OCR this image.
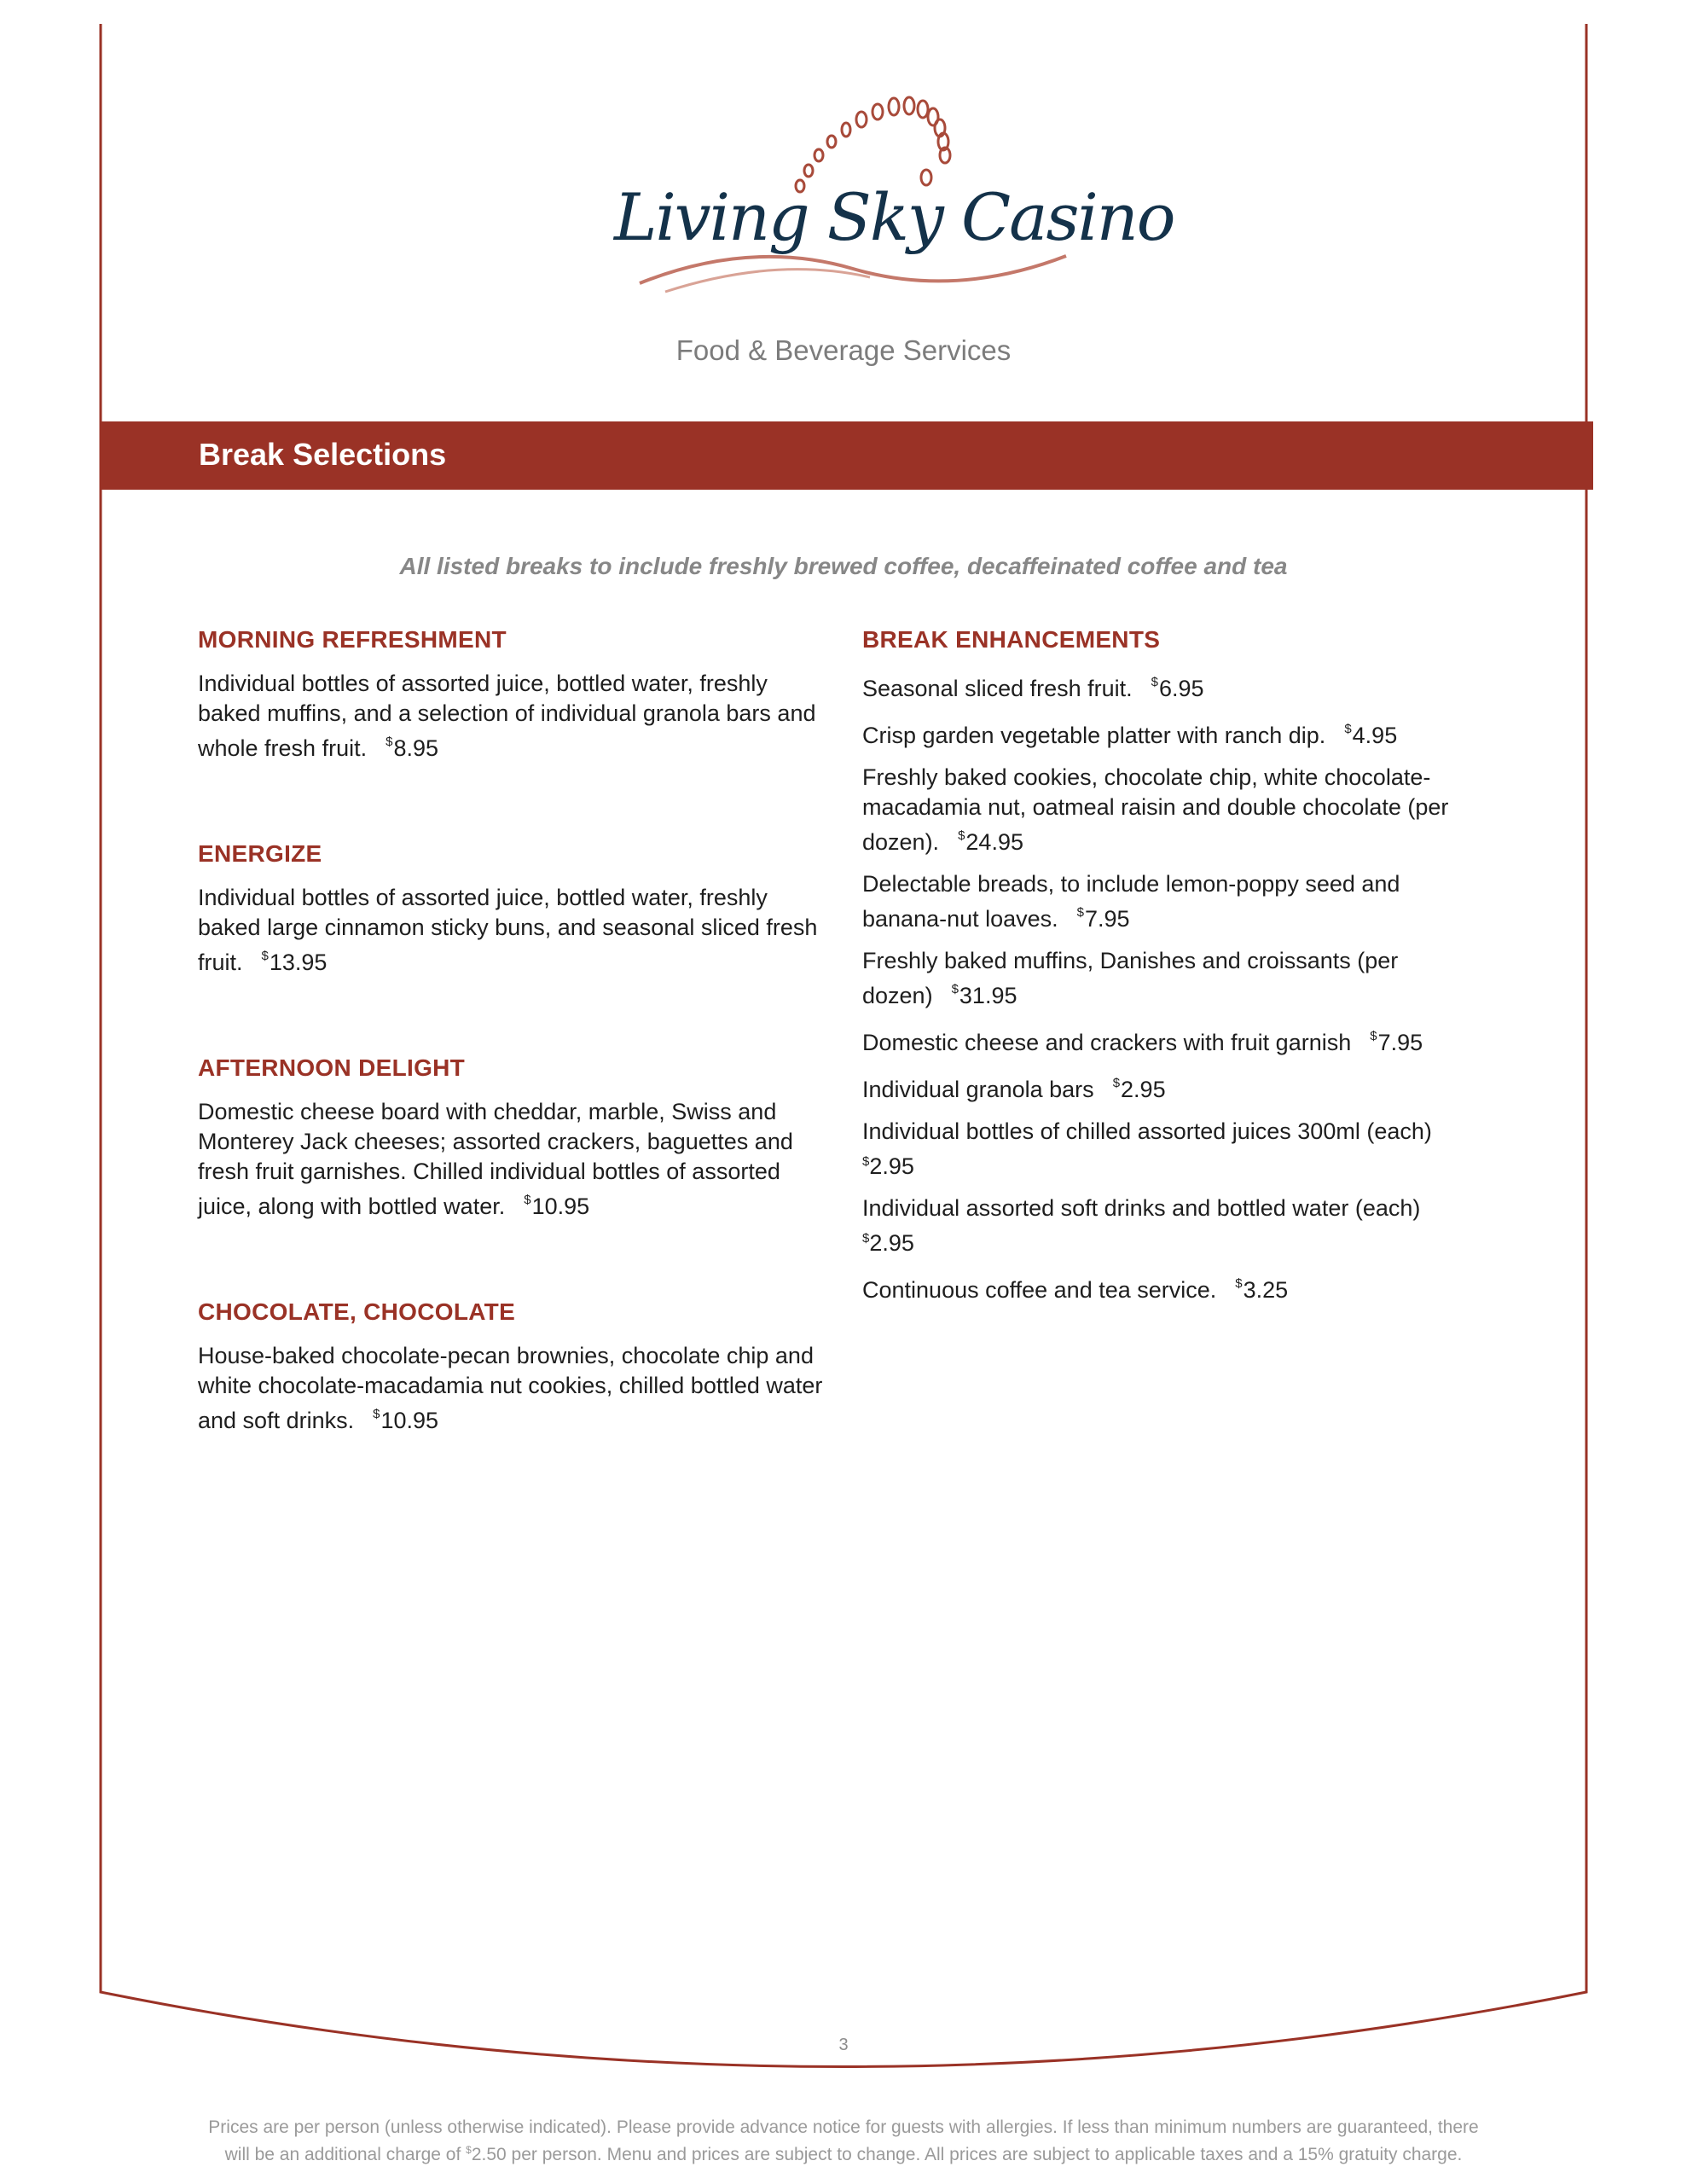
Living Sky Casino
Food & Beverage Services
Break Selections
All listed breaks to include freshly brewed coffee, decaffeinated coffee and tea
MORNING REFRESHMENT

Individual bottles of assorted juice, bottled water, freshly baked muffins, and a selection of individual granola bars and whole fresh fruit. $8.95

ENERGIZE

Individual bottles of assorted juice, bottled water, freshly baked large cinnamon sticky buns, and seasonal sliced fresh fruit. $13.95

AFTERNOON DELIGHT

Domestic cheese board with cheddar, marble, Swiss and Monterey Jack cheeses; assorted crackers, baguettes and fresh fruit garnishes. Chilled individual bottles of assorted juice, along with bottled water. $10.95

CHOCOLATE, CHOCOLATE

House-baked chocolate-pecan brownies, chocolate chip and white chocolate-macadamia nut cookies, chilled bottled water and soft drinks. $10.95

BREAK ENHANCEMENTS

Seasonal sliced fresh fruit. $6.95

Crisp garden vegetable platter with ranch dip. $4.95

Freshly baked cookies, chocolate chip, white chocolate-macadamia nut, oatmeal raisin and double chocolate (per dozen). $24.95

Delectable breads, to include lemon-poppy seed and banana-nut loaves. $7.95

Freshly baked muffins, Danishes and croissants (per dozen) $31.95

Domestic cheese and crackers with fruit garnish $7.95

Individual granola bars $2.95

Individual bottles of chilled assorted juices 300ml (each)
$2.95

Individual assorted soft drinks and bottled water (each)
$2.95

Continuous coffee and tea service. $3.25

3
Prices are per person (unless otherwise indicated). Please provide advance notice for guests with allergies. If less than minimum numbers are guaranteed, there
will be an additional charge of $2.50 per person. Menu and prices are subject to change. All prices are subject to applicable taxes and a 15% gratuity charge.
